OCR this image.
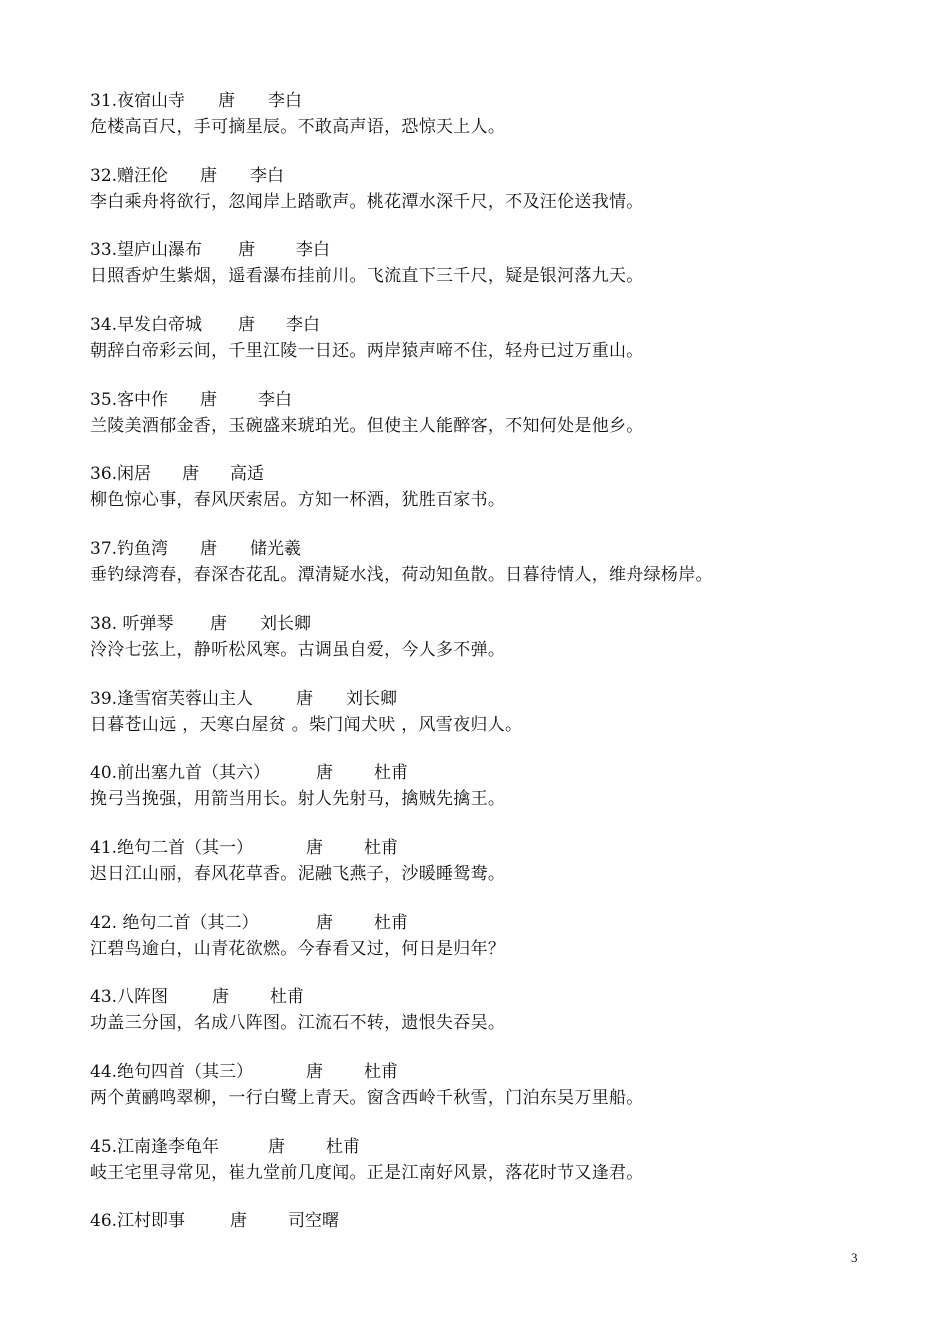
31.夜宿山寺 唐 李白
危楼高百尺，手可摘星辰。不敢高声语，恐惊天上人。
32.赠汪伦 唐 李白
李白乘舟将欲行，忽闻岸上踏歌声。桃花潭水深千尺，不及汪伦送我情。
33.望庐山瀑布 唐 李白
日照香炉生紫烟，遥看瀑布挂前川。飞流直下三千尺，疑是银河落九天。
34.早发白帝城 唐 李白
朝辞白帝彩云间，千里江陵一日还。两岸猿声啼不住，轻舟已过万重山。
35.客中作 唐 李白
兰陵美酒郁金香，玉碗盛来琥珀光。但使主人能醉客，不知何处是他乡。
36.闲居 唐 高适
柳色惊心事，春风厌索居。方知一杯酒，犹胜百家书。
37.钓鱼湾 唐 储光羲
垂钓绿湾春，春深杏花乱。潭清疑水浅，荷动知鱼散。日暮待情人，维舟绿杨岸。
38. 听弹琴 唐 刘长卿
泠泠七弦上，静听松风寒。古调虽自爱，今人多不弹。
39.逢雪宿芙蓉山主人	唐 刘长卿
日暮苍山远 ，天寒白屋贫 。柴门闻犬吠 ，风雪夜归人。
40.前出塞九首（其六）	唐 杜甫
挽弓当挽强，用箭当用长。射人先射马，擒贼先擒王。
41.绝句二首（其一）	唐 杜甫
迟日江山丽，春风花草香。泥融飞燕子，沙暖睡鸳鸯。
42. 绝句二首（其二）	唐 杜甫
江碧鸟逾白，山青花欲燃。今春看又过，何日是归年？
43.八阵图	唐 杜甫
功盖三分国，名成八阵图。江流石不转，遗恨失吞吴。
44.绝句四首（其三）	唐 杜甫
两个黄鹂鸣翠柳，一行白鹭上青天。窗含西岭千秋雪，门泊东吴万里船。
45.江南逢李龟年	唐 杜甫
岐王宅里寻常见，崔九堂前几度闻。正是江南好风景，落花时节又逢君。
46.江村即事	唐 司空曙
3
